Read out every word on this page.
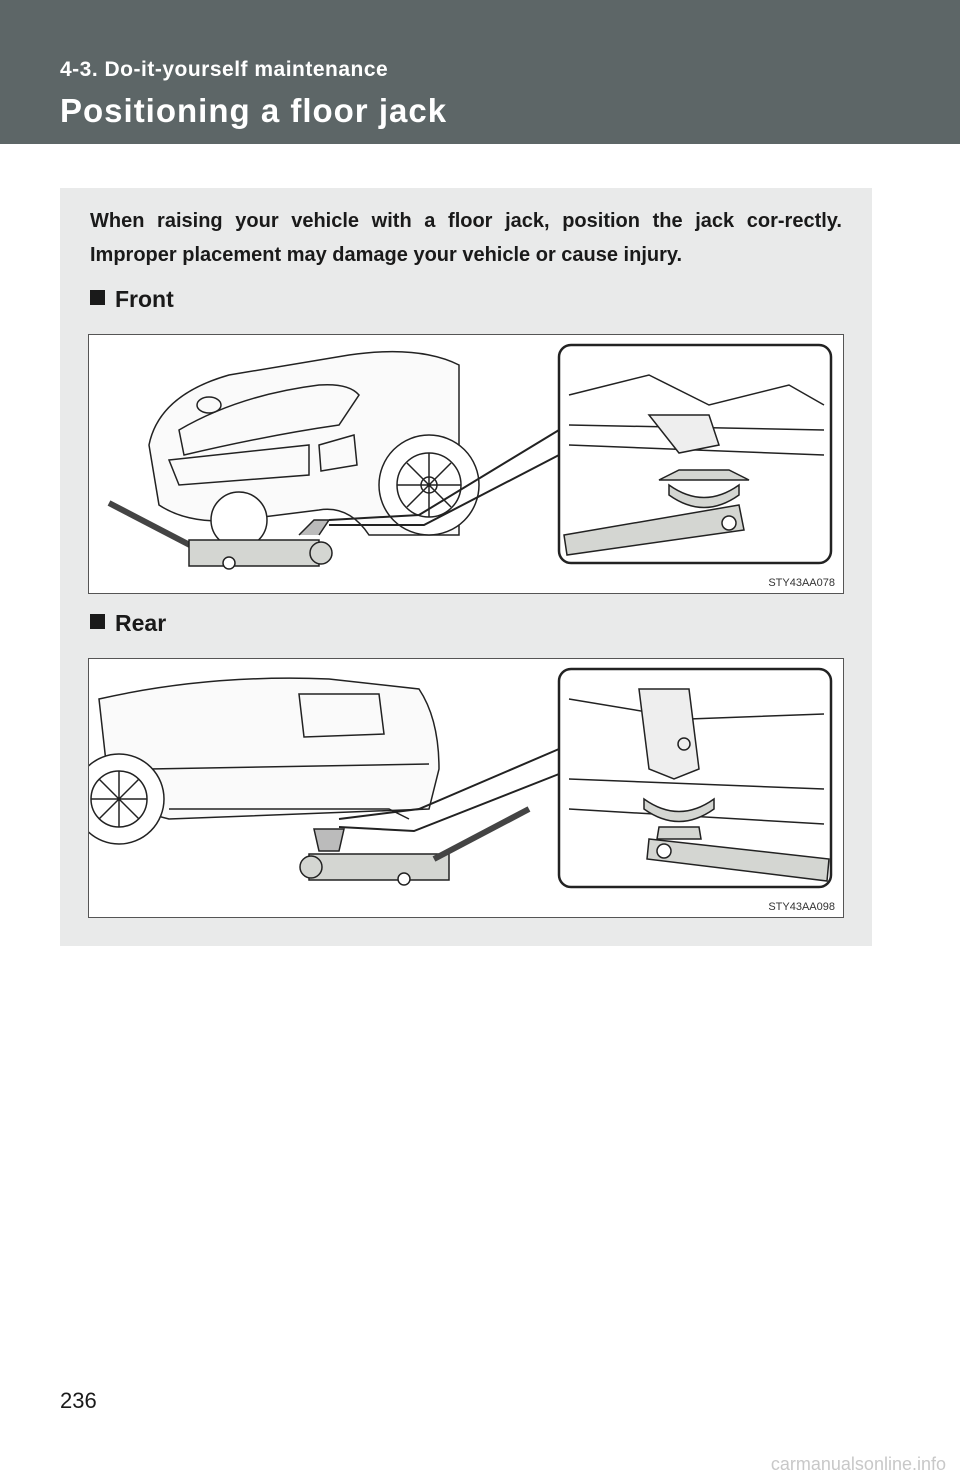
4-3. Do-it-yourself maintenance
Positioning a floor jack

When raising your vehicle with a floor jack, position the jack cor-rectly. Improper placement may damage your vehicle or cause injury.

Front
STY43AA078
Rear
STY43AA098
236
carmanualsonline.info
